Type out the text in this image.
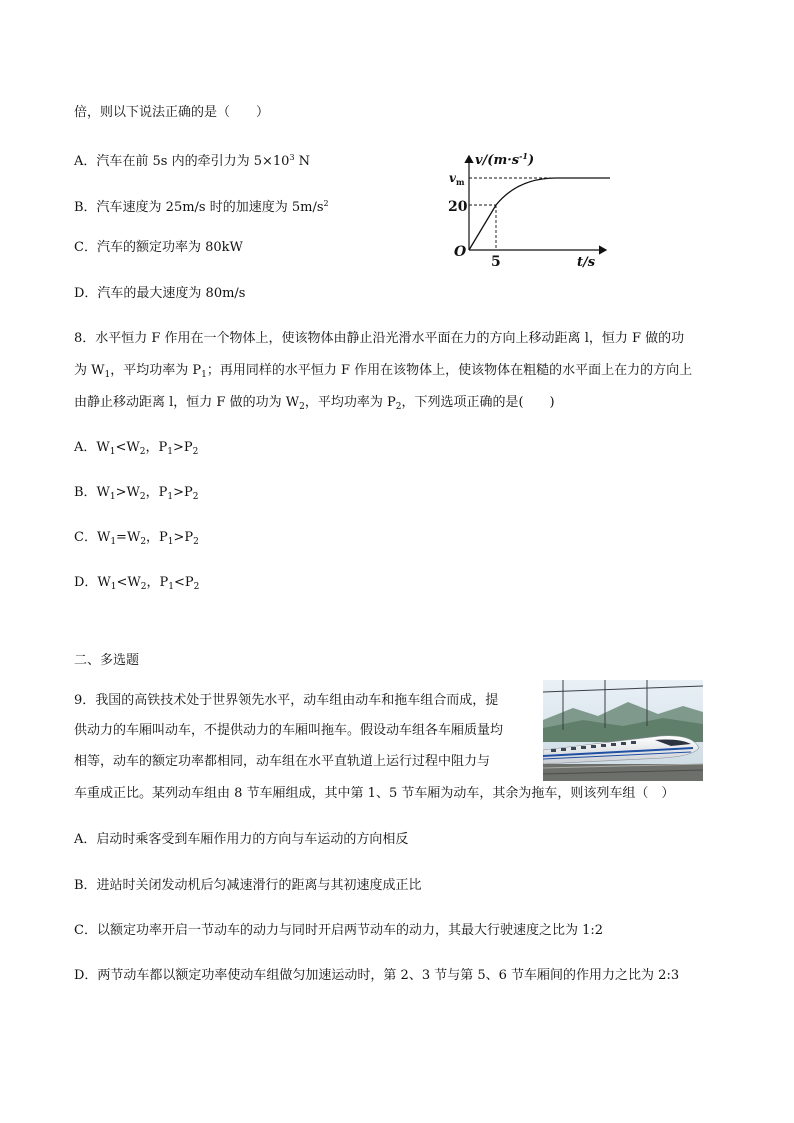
倍，则以下说法正确的是（　　）
A．汽车在前 5s 内的牵引力为 $5\times 10^3$ N
B．汽车速度为 25m/s 时的加速度为 $5m/s^2$
C．汽车的额定功率为 80kW
D．汽车的最大速度为 80m/s
$v/(m\cdot s^{-1})$
t/s
O
$v_m$
20
5
8．水平恒力 F 作用在一个物体上，使该物体由静止沿光滑水平面在力的方向上移动距离 l，恒力 F 做的功
为 $W_1$，平均功率为 $P_1$；再用同样的水平恒力 F 作用在该物体上，使该物体在粗糙的水平面上在力的方向上
由静止移动距离 l，恒力 F 做的功为 $W_2$，平均功率为 $P_2$，下列选项正确的是(　　)
A．$W_1<W_2$，$P_1>P_2$
B．$W_1>W_2$，$P_1>P_2$
C．$W_1=W_2$，$P_1>P_2$
D．$W_1<W_2$，$P_1<P_2$
二、多选题
9．我国的高铁技术处于世界领先水平，动车组由动车和拖车组合而成，提
供动力的车厢叫动车，不提供动力的车厢叫拖车。假设动车组各车厢质量均
相等，动车的额定功率都相同，动车组在水平直轨道上运行过程中阻力与
车重成正比。某列动车组由 8 节车厢组成，其中第 1、5 节车厢为动车，其余为拖车，则该列车组（　）
A．启动时乘客受到车厢作用力的方向与车运动的方向相反
B．进站时关闭发动机后匀减速滑行的距离与其初速度成正比
C．以额定功率开启一节动车的动力与同时开启两节动车的动力，其最大行驶速度之比为 1:2
D．两节动车都以额定功率使动车组做匀加速运动时，第 2、3 节与第 5、6 节车厢间的作用力之比为 2:3
